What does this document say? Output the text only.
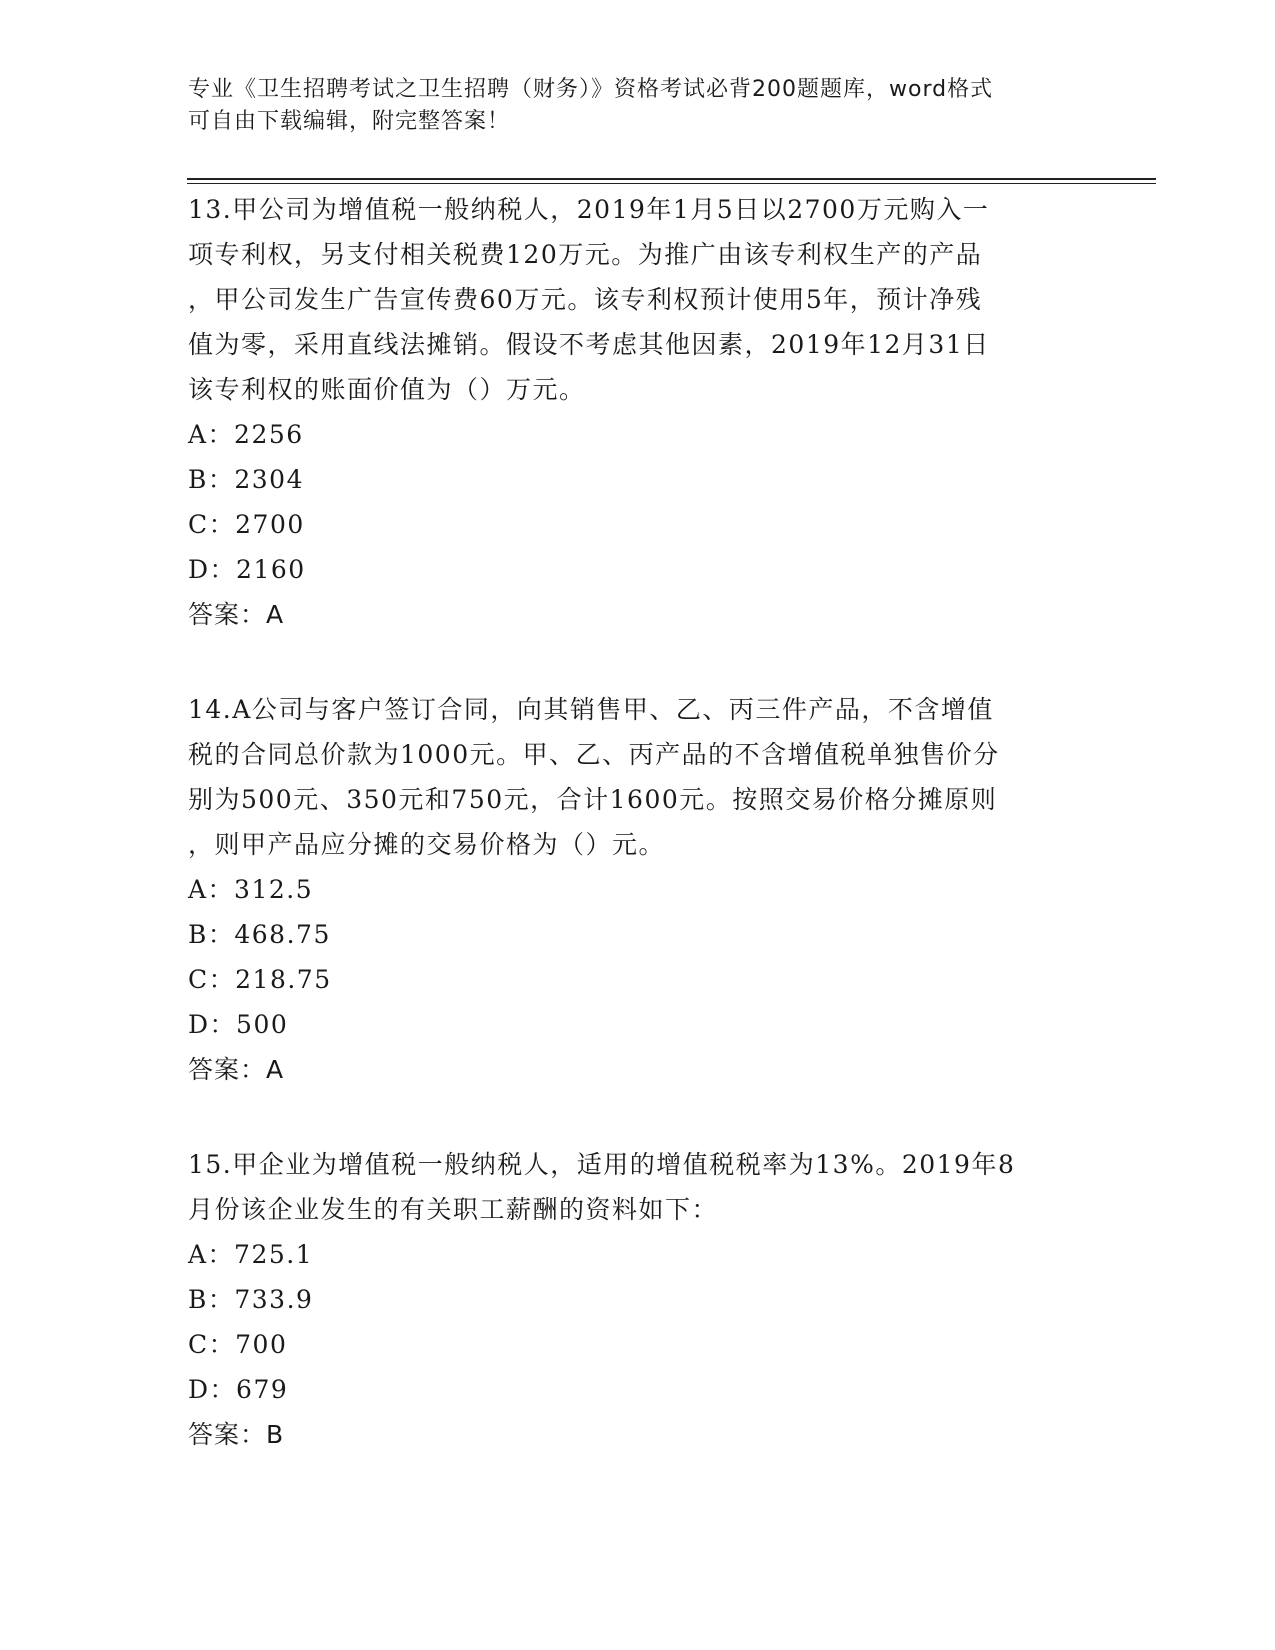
专业《卫生招聘考试之卫生招聘（财务）》资格考试必背200题题库，word格式
可自由下载编辑，附完整答案！
13.甲公司为增值税一般纳税人，2019年1月5日以2700万元购入一
项专利权，另支付相关税费120万元。为推广由该专利权生产的产品
，甲公司发生广告宣传费60万元。该专利权预计使用5年，预计净残
值为零，采用直线法摊销。假设不考虑其他因素，2019年12月31日
该专利权的账面价值为（）万元。
A：2256
B：2304
C：2700
D：2160
答案：A
14.A公司与客户签订合同，向其销售甲、乙、丙三件产品，不含增值
税的合同总价款为1000元。甲、乙、丙产品的不含增值税单独售价分
别为500元、350元和750元，合计1600元。按照交易价格分摊原则
，则甲产品应分摊的交易价格为（）元。
A：312.5
B：468.75
C：218.75
D：500
答案：A
15.甲企业为增值税一般纳税人，适用的增值税税率为13%。2019年8
月份该企业发生的有关职工薪酬的资料如下：
A：725.1
B：733.9
C：700
D：679
答案：B
